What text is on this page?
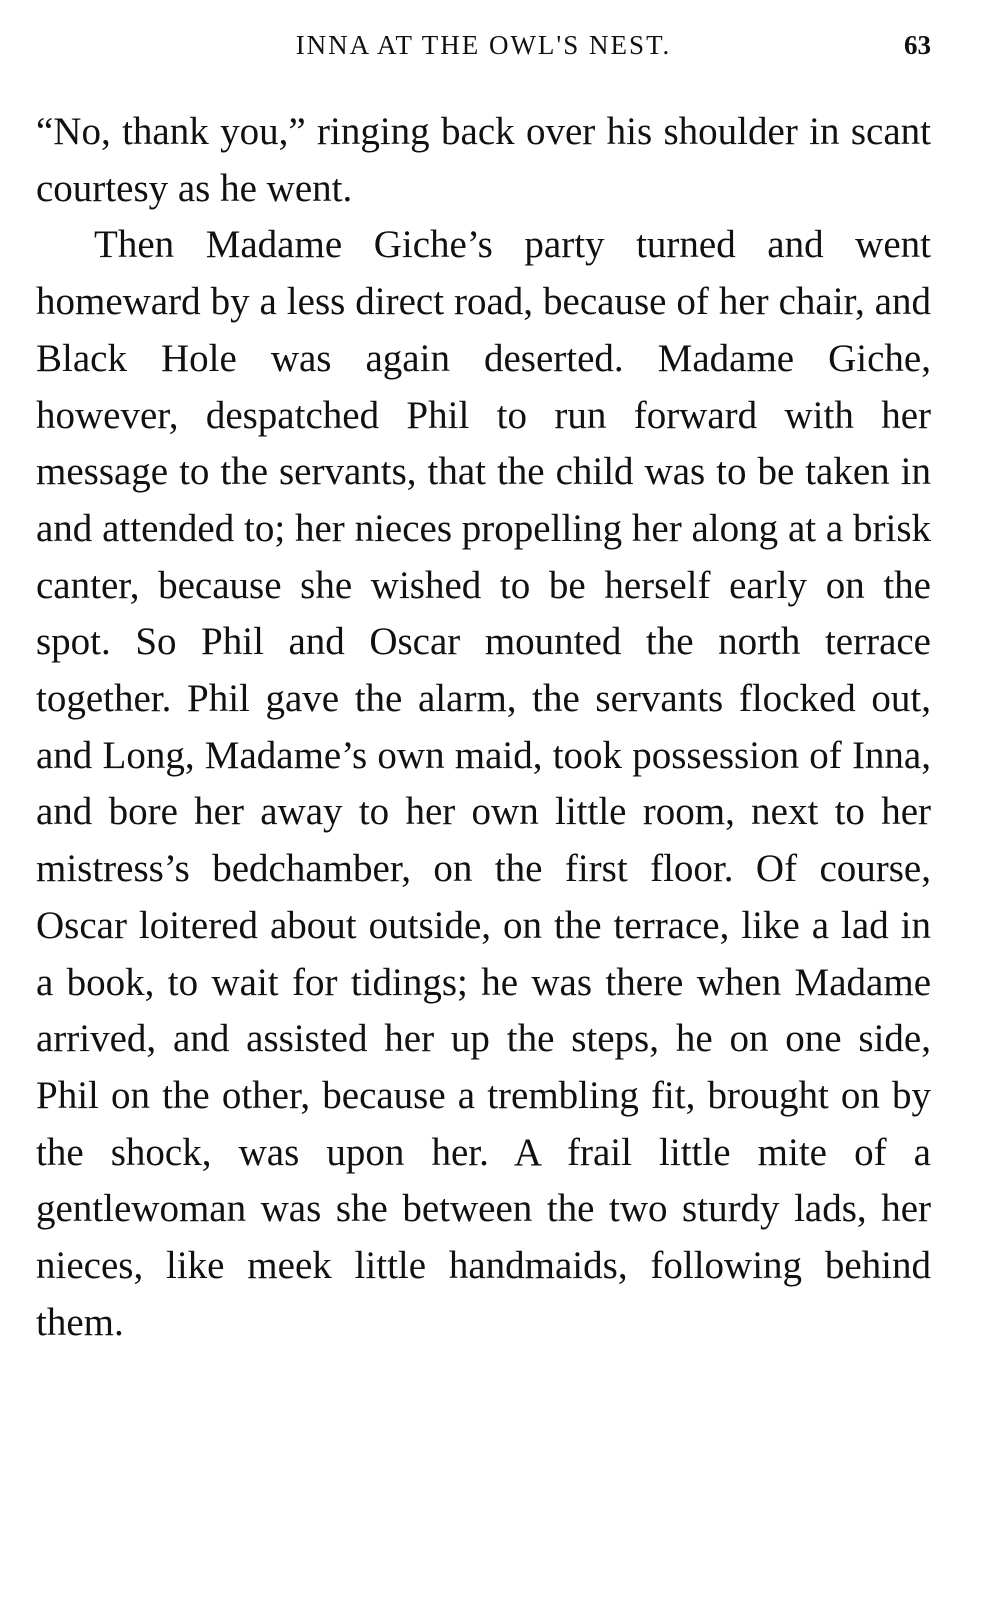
INNA AT THE OWL'S NEST.	63

“No, thank you,” ringing back over his shoulder in scant courtesy as he went.

Then Madame Giche’s party turned and went homeward by a less direct road, because of her chair, and Black Hole was again deserted. Madame Giche, however, despatched Phil to run forward with her message to the servants, that the child was to be taken in and attended to; her nieces propelling her along at a brisk canter, because she wished to be herself early on the spot. So Phil and Oscar mounted the north terrace together. Phil gave the alarm, the servants flocked out, and Long, Madame’s own maid, took possession of Inna, and bore her away to her own little room, next to her mistress’s bedchamber, on the first floor. Of course, Oscar loitered about outside, on the terrace, like a lad in a book, to wait for tidings; he was there when Madame arrived, and assisted her up the steps, he on one side, Phil on the other, because a trembling fit, brought on by the shock, was upon her. A frail little mite of a gentlewoman was she between the two sturdy lads, her nieces, like meek little handmaids, following behind them.
